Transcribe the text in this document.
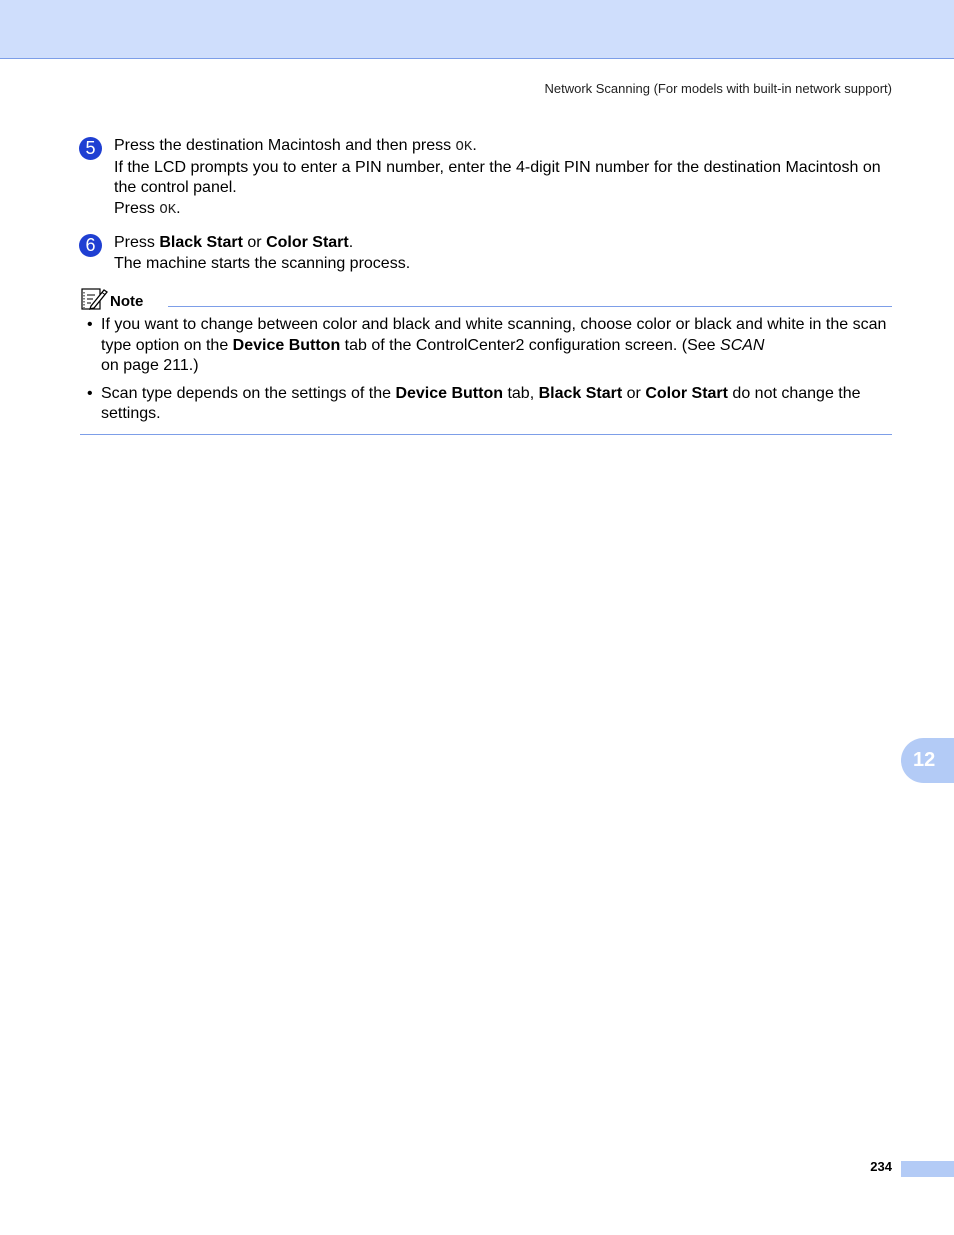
Network Scanning (For models with built-in network support)
5	Press the destination Macintosh and then press OK.
If the LCD prompts you to enter a PIN number, enter the 4-digit PIN number for the destination Macintosh on the control panel.
Press OK.
6	Press Black Start or Color Start.
The machine starts the scanning process.
Note
• If you want to change between color and black and white scanning, choose color or black and white in the scan type option on the Device Button tab of the ControlCenter2 configuration screen. (See SCAN
on page 211.)
• Scan type depends on the settings of the Device Button tab, Black Start or Color Start do not change the settings.
12
234
